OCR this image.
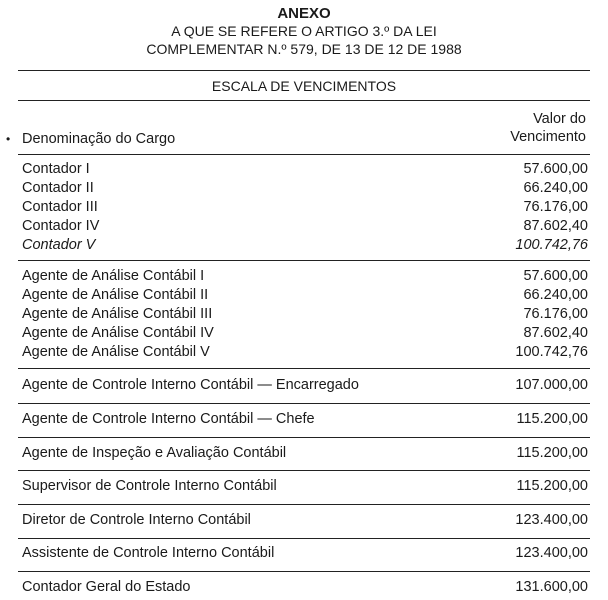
ANEXO
A QUE SE REFERE O ARTIGO 3.º DA LEI
COMPLEMENTAR N.º 579, DE 13 DE 12 DE 1988
ESCALA DE VENCIMENTOS
• Denominação do Cargo
Valor do
Vencimento
Contador I	57.600,00
Contador II	66.240,00
Contador III	76.176,00
Contador IV	87.602,40
Contador V	100.742,76
Agente de Análise Contábil I	57.600,00
Agente de Análise Contábil II	66.240,00
Agente de Análise Contábil III	76.176,00
Agente de Análise Contábil IV	87.602,40
Agente de Análise Contábil V	100.742,76
Agente de Controle Interno Contábil — Encarregado	107.000,00
Agente de Controle Interno Contábil — Chefe	115.200,00
Agente de Inspeção e Avaliação Contábil	115.200,00
Supervisor de Controle Interno Contábil	115.200,00
Diretor de Controle Interno Contábil	123.400,00
Assistente de Controle Interno Contábil	123.400,00
Contador Geral do Estado	131.600,00
